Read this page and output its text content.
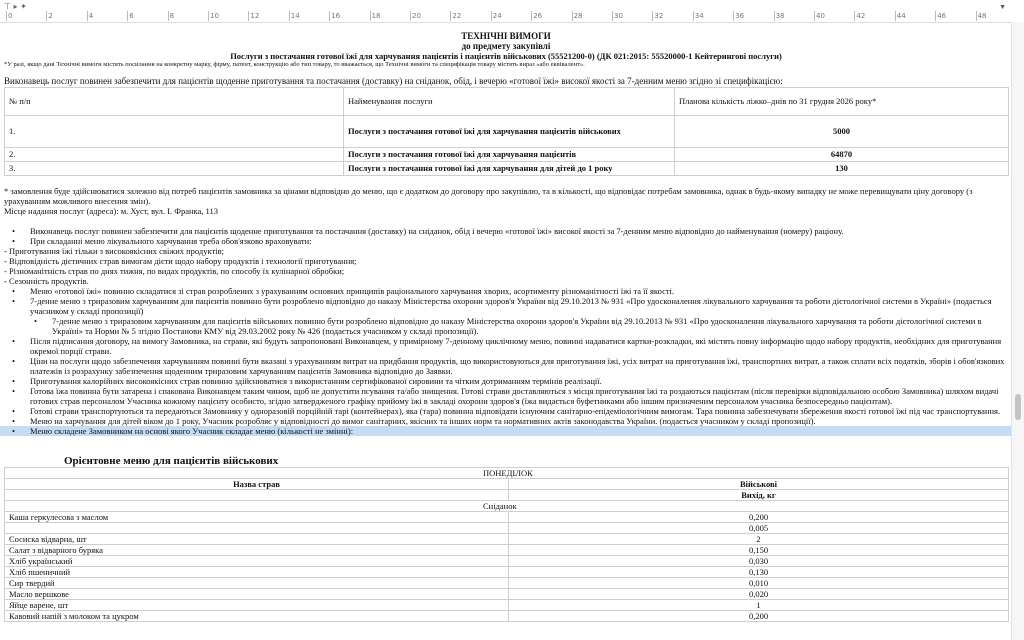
⊤ ▸ ✦
0	2	4	6	8	10	12	14	16	18	20	22	24	26	28	30	32	34	36	38	40	42	44	46	48
▼
ТЕХНІЧНІ ВИМОГИ
до предмету закупівлі
Послуги з постачання готової їжі для харчування пацієнтів і пацієнтів військових (55521200-0) (ДК 021:2015: 55520000-1 Кейтерингові послуги)
*У разі, якщо дані Технічні вимоги містять посилання на конкретну марку, фірму, патент, конструкцію або тип товару, то вважається, що Технічні вимоги та специфікація товару містять вираз «або еквівалент».
Виконавець послуг повинен забезпечити для пацієнтів щоденне приготування та постачання (доставку) на сніданок, обід, і вечерю «готової їжі» високої якості за 7-денним меню згідно зі специфікацією:
№ п/п	Найменування послуги	Планова кількість ліжко–днів по 31 грудня 2026 року*
1.	Послуги з постачання готової їжі для харчування пацієнтів військових	5000
2.	Послуги з постачання готової їжі для харчування пацієнтів	64870
3.	Послуги з постачання готової їжі для харчування для дітей до 1 року	130
* замовлення буде здійснюватися залежно від потреб пацієнтів замовника за цінами відповідно до меню, що є додатком до договору про закупівлю, та в кількості, що відповідає потребам замовника, однак в будь-якому випадку не може перевищувати ціну договору (з урахуванням можливого внесення змін).
Місце надання послуг (адреса): м. Хуст, вул. І. Франка, 113
• Виконавець послуг повинен забезпечити для пацієнтів щоденне приготування та постачання (доставку) на сніданок, обід і вечерю «готової їжі» високої якості за 7-денним меню відповідно до найменування (номеру) раціону.
• При складанні меню лікувального харчування треба обов'язково враховувати:
- Приготування їжі тільки з високоякісних свіжих продуктів;
- Відповідність дієтичних страв вимогам дієти щодо набору продуктів і технології приготування;
- Різноманітність страв по днях тижня, по видах продуктів, по способу їх кулінарної обробки;
- Сезонність продуктів.
• Меню «готової їжі» повинно складатися зі страв розроблених з урахуванням основних принципів раціонального харчування хворих, асортименту різноманітності їжі та її якості.
• 7-денне меню з триразовим харчуванням для пацієнтів повинно бути розроблено відповідно до наказу Міністерства охорони здоров'я України від 29.10.2013 № 931 «Про удосконалення лікувального харчування та роботи дієтологічної системи в Україні» (подається учасником у складі пропозиції)
• 7-денне меню з триразовим харчуванням для пацієнтів військових повинно бути розроблено відповідно до наказу Міністерства охорони здоров'я України від 29.10.2013 № 931 «Про удосконалення лікувального харчування та роботи дієтологічної системи в Україні» та Норми № 5 згідно Постанови КМУ від 29.03.2002 року № 426 (подається учасником у складі пропозиції).
• Після підписання договору, на вимогу Замовника, на страви, які будуть запропоновані Виконавцем, у примірному 7-денному циклічному меню, повинні надаватися картки-розкладки, які містять повну інформацію щодо набору продуктів, необхідних для приготування окремої порції страви.
• Ціни на послуги щодо забезпечення харчуванням повинні бути вказані з урахуванням витрат на придбання продуктів, що використовуються для приготування їжі, усіх витрат на приготування їжі, транспортних витрат, а також сплати всіх податків, зборів і обов'язкових платежів із розрахунку забезпечення щоденним триразовим харчуванням пацієнтів Замовника відповідно до Заявки.
• Приготування калорійних високоякісних страв повинно здійснюватися з використанням сертифікованої сировини та чітким дотриманням термінів реалізації.
• Готова їжа повинна бути затарена і спакована Виконавцем таким чином, щоб не допустити псування та/або знищення. Готові страви доставляються з місця приготування їжі та роздаються пацієнтам (після перевірки відповідальною особою Замовника) шляхом видачі готових страв персоналом Учасника кожному пацієнту особисто, згідно затвердженого графіку прийому їжі в закладі охорони здоров'я (їжа видається буфетниками або іншим призначеним персоналом учасника безпосередньо пацієнтам).
• Готові страви транспортуються та передаються Замовнику у одноразовій порційній тарі (контейнерах), яка (тара) повинна відповідати існуючим санітарно-епідеміологічним вимогам. Тара повинна забезпечувати збереження якості готової їжі під час транспортування.
• Меню на харчування для дітей віком до 1 року, Учасник розробляє у відповідності до вимог санітарних, якісних та інших норм та нормативних актів законодавства України. (подається учасником у складі пропозиції).
• Меню складене Замовником на основі якого Учасник складає меню (кількості не змінні):
Орієнтовне меню для пацієнтів військових
ПОНЕДІЛОК	
Назва страв	Військові
	Вихід, кг
Сніданок	
Каша геркулесова з маслом	0,200
	0,005
Сосиска відварна, шт	2
Салат з відварного буряка	0,150
Хліб український	0,030
Хліб пшеничний	0,130
Сир твердий	0,010
Масло вершкове	0,020
Яйце варене, шт	1
Кавовий напій з молоком та цукром	0,200
